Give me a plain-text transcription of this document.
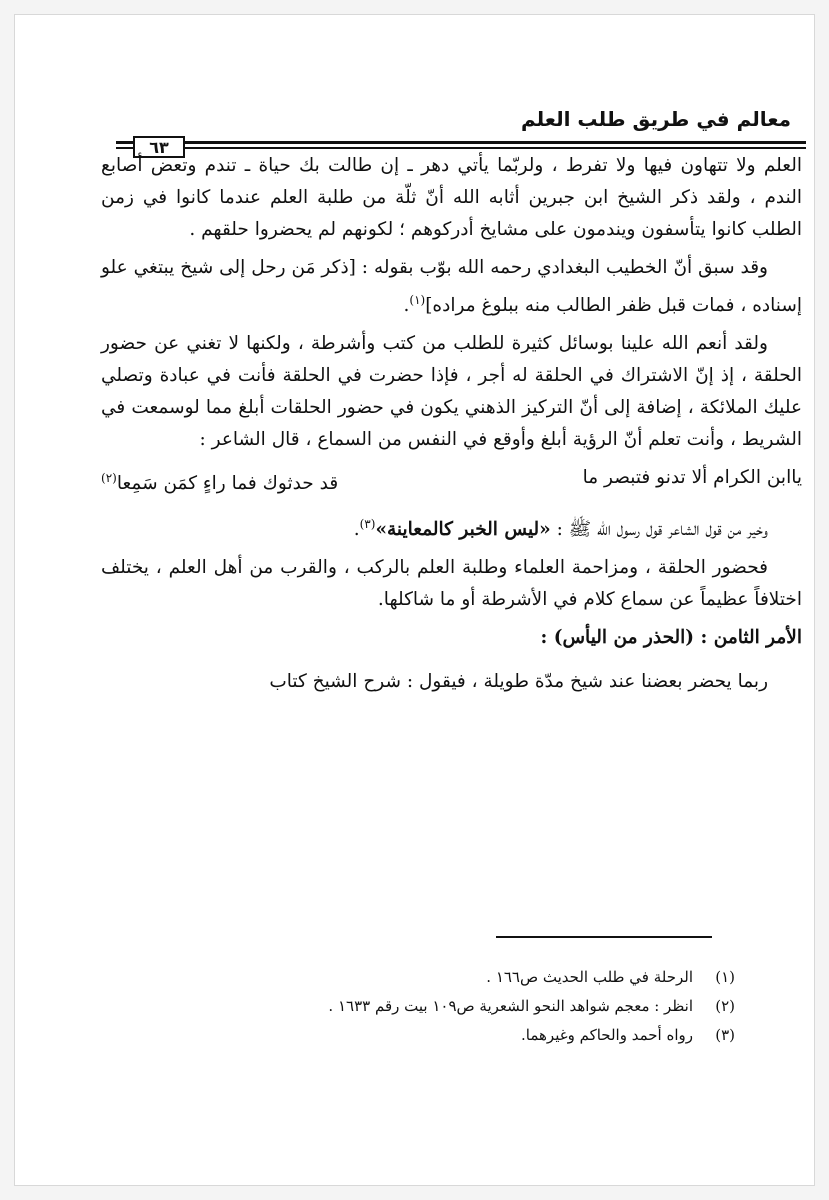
معالم في طريق طلب العلم
٦٣

العلم ولا تتهاون فيها ولا تفرط ، ولربّما يأتي دهر ـ إن طالت بك حياة ـ تندم وتعض أصابع الندم ، ولقد ذكر الشيخ ابن جبرين أثابه الله أنّ ثلّة من طلبة العلم عندما كانوا في زمن الطلب كانوا يتأسفون ويندمون على مشايخ أدركوهم ؛ لكونهم لم يحضروا حلقهم .

وقد سبق أنّ الخطيب البغدادي رحمه الله بوّب بقوله : [ذكر مَن رحل إلى شيخ يبتغي علو إسناده ، فمات قبل ظفر الطالب منه ببلوغ مراده]$^{(١)}$.

ولقد أنعم الله علينا بوسائل كثيرة للطلب من كتب وأشرطة ، ولكنها لا تغني عن حضور الحلقة ، إذ إنّ الاشتراك في الحلقة له أجر ، فإذا حضرت في الحلقة فأنت في عبادة وتصلي عليك الملائكة ، إضافة إلى أنّ التركيز الذهني يكون في حضور الحلقات أبلغ مما لوسمعت في الشريط ، وأنت تعلم أنّ الرؤية أبلغ وأوقع في النفس من السماع ، قال الشاعر :

ياابن الكرام ألا تدنو فتبصر ما
قد حدثوك فما راءٍ كمَن سَمِعا$^{(٢)}$

وخير من قول الشاعر قول رسول الله ﷺ : «ليس الخبر كالمعاينة»$^{(٣)}$.

فحضور الحلقة ، ومزاحمة العلماء وطلبة العلم بالركب ، والقرب من أهل العلم ، يختلف اختلافاً عظيماً عن سماع كلام في الأشرطة أو ما شاكلها.

الأمر الثامن : (الحذر من اليأس) :

ربما يحضر بعضنا عند شيخ مدّة طويلة ، فيقول : شرح الشيخ كتاب

(١)
الرحلة في طلب الحديث ص١٦٦ .
(٢)
انظر : معجم شواهد النحو الشعرية ص١٠٩ بيت رقم ١٦٣٣ .
(٣)
رواه أحمد والحاكم وغيرهما.
